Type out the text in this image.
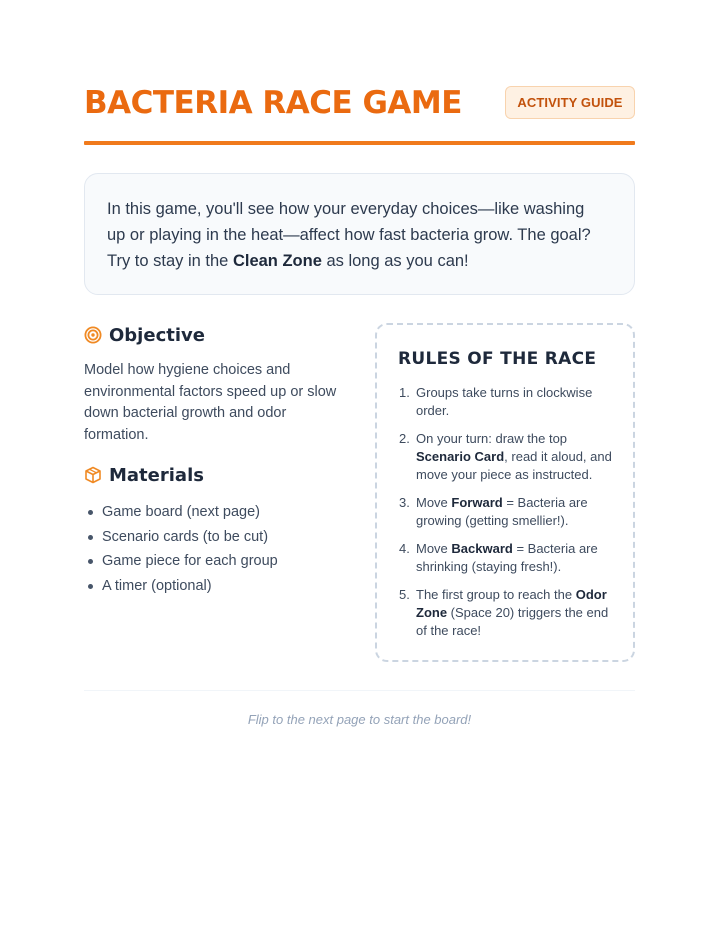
BACTERIA RACE GAME	ACTIVITY GUIDE
In this game, you'll see how your everyday choices—like washing
up or playing in the heat—affect how fast bacteria grow. The goal?
Try to stay in the Clean Zone as long as you can!
Objective

Model how hygiene choices and environmental factors speed up or slow down bacterial growth and odor formation.

Materials
Game board (next page)
Scenario cards (to be cut)
Game piece for each group
A timer (optional)
RULES OF THE RACE
1. Groups take turns in clockwise order.
2. On your turn: draw the top Scenario Card, read it aloud, and move your piece as instructed.
3. Move Forward = Bacteria are growing (getting smellier!).
4. Move Backward = Bacteria are shrinking (staying fresh!).
5. The first group to reach the Odor Zone (Space 20) triggers the end of the race!

Flip to the next page to start the board!
